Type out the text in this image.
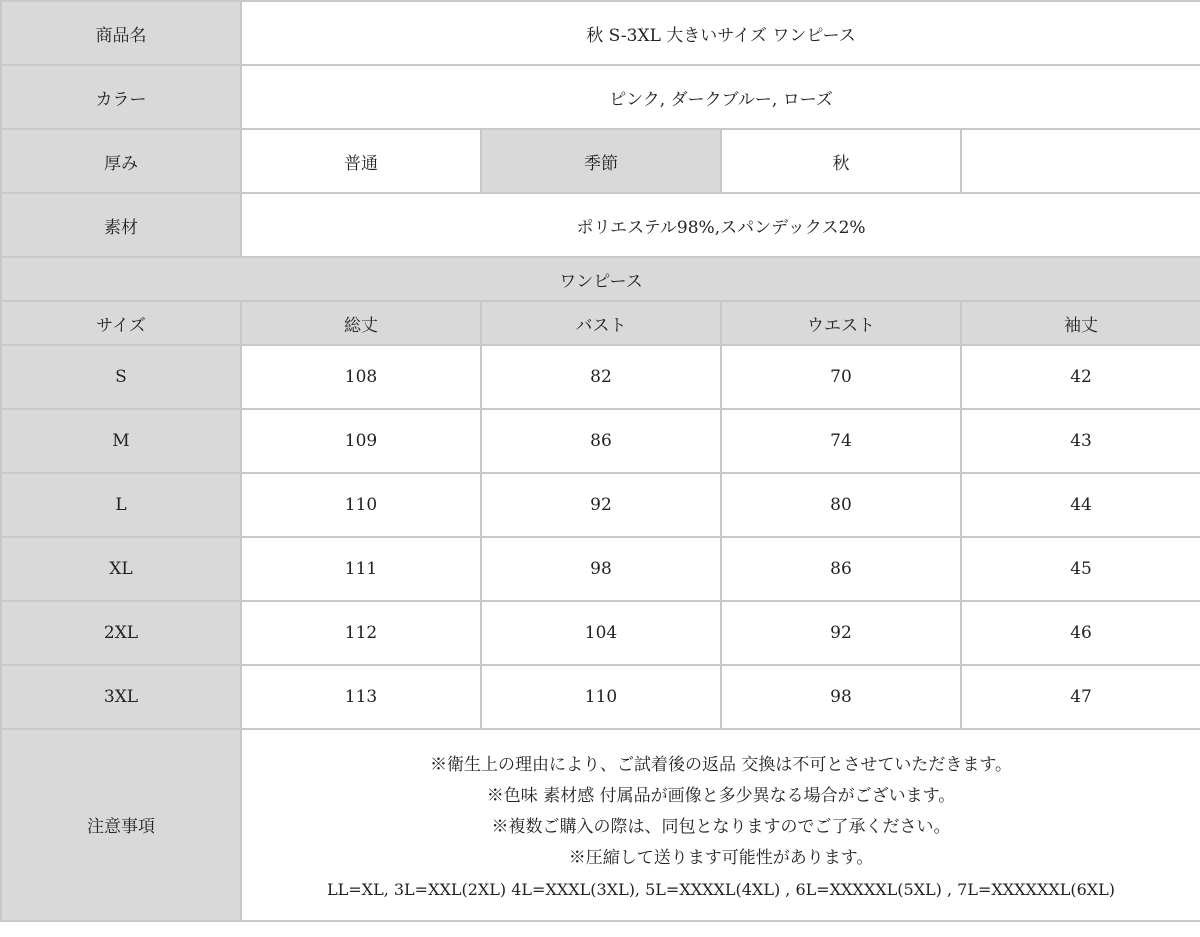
商品名	秋 S-3XL 大きいサイズ ワンピース			
カラー	ピンク, ダークブルー, ローズ			
厚み	普通	季節	秋	
素材	ポリエステル98%,スパンデックス2%			
ワンピース				
サイズ	総丈	バスト	ウエスト	袖丈
S	108	82	70	42
M	109	86	74	43
L	110	92	80	44
XL	111	98	86	45
2XL	112	104	92	46
3XL	113	110	98	47
注意事項	※衛生上の理由により、ご試着後の返品 交換は不可とさせていただきます。
※色味 素材感 付属品が画像と多少異なる場合がございます。
※複数ご購入の際は、同包となりますのでご了承ください。
※圧縮して送ります可能性があります。
LL=XL, 3L=XXL(2XL) 4L=XXXL(3XL), 5L=XXXXL(4XL) , 6L=XXXXXL(5XL) , 7L=XXXXXXL(6XL)			
